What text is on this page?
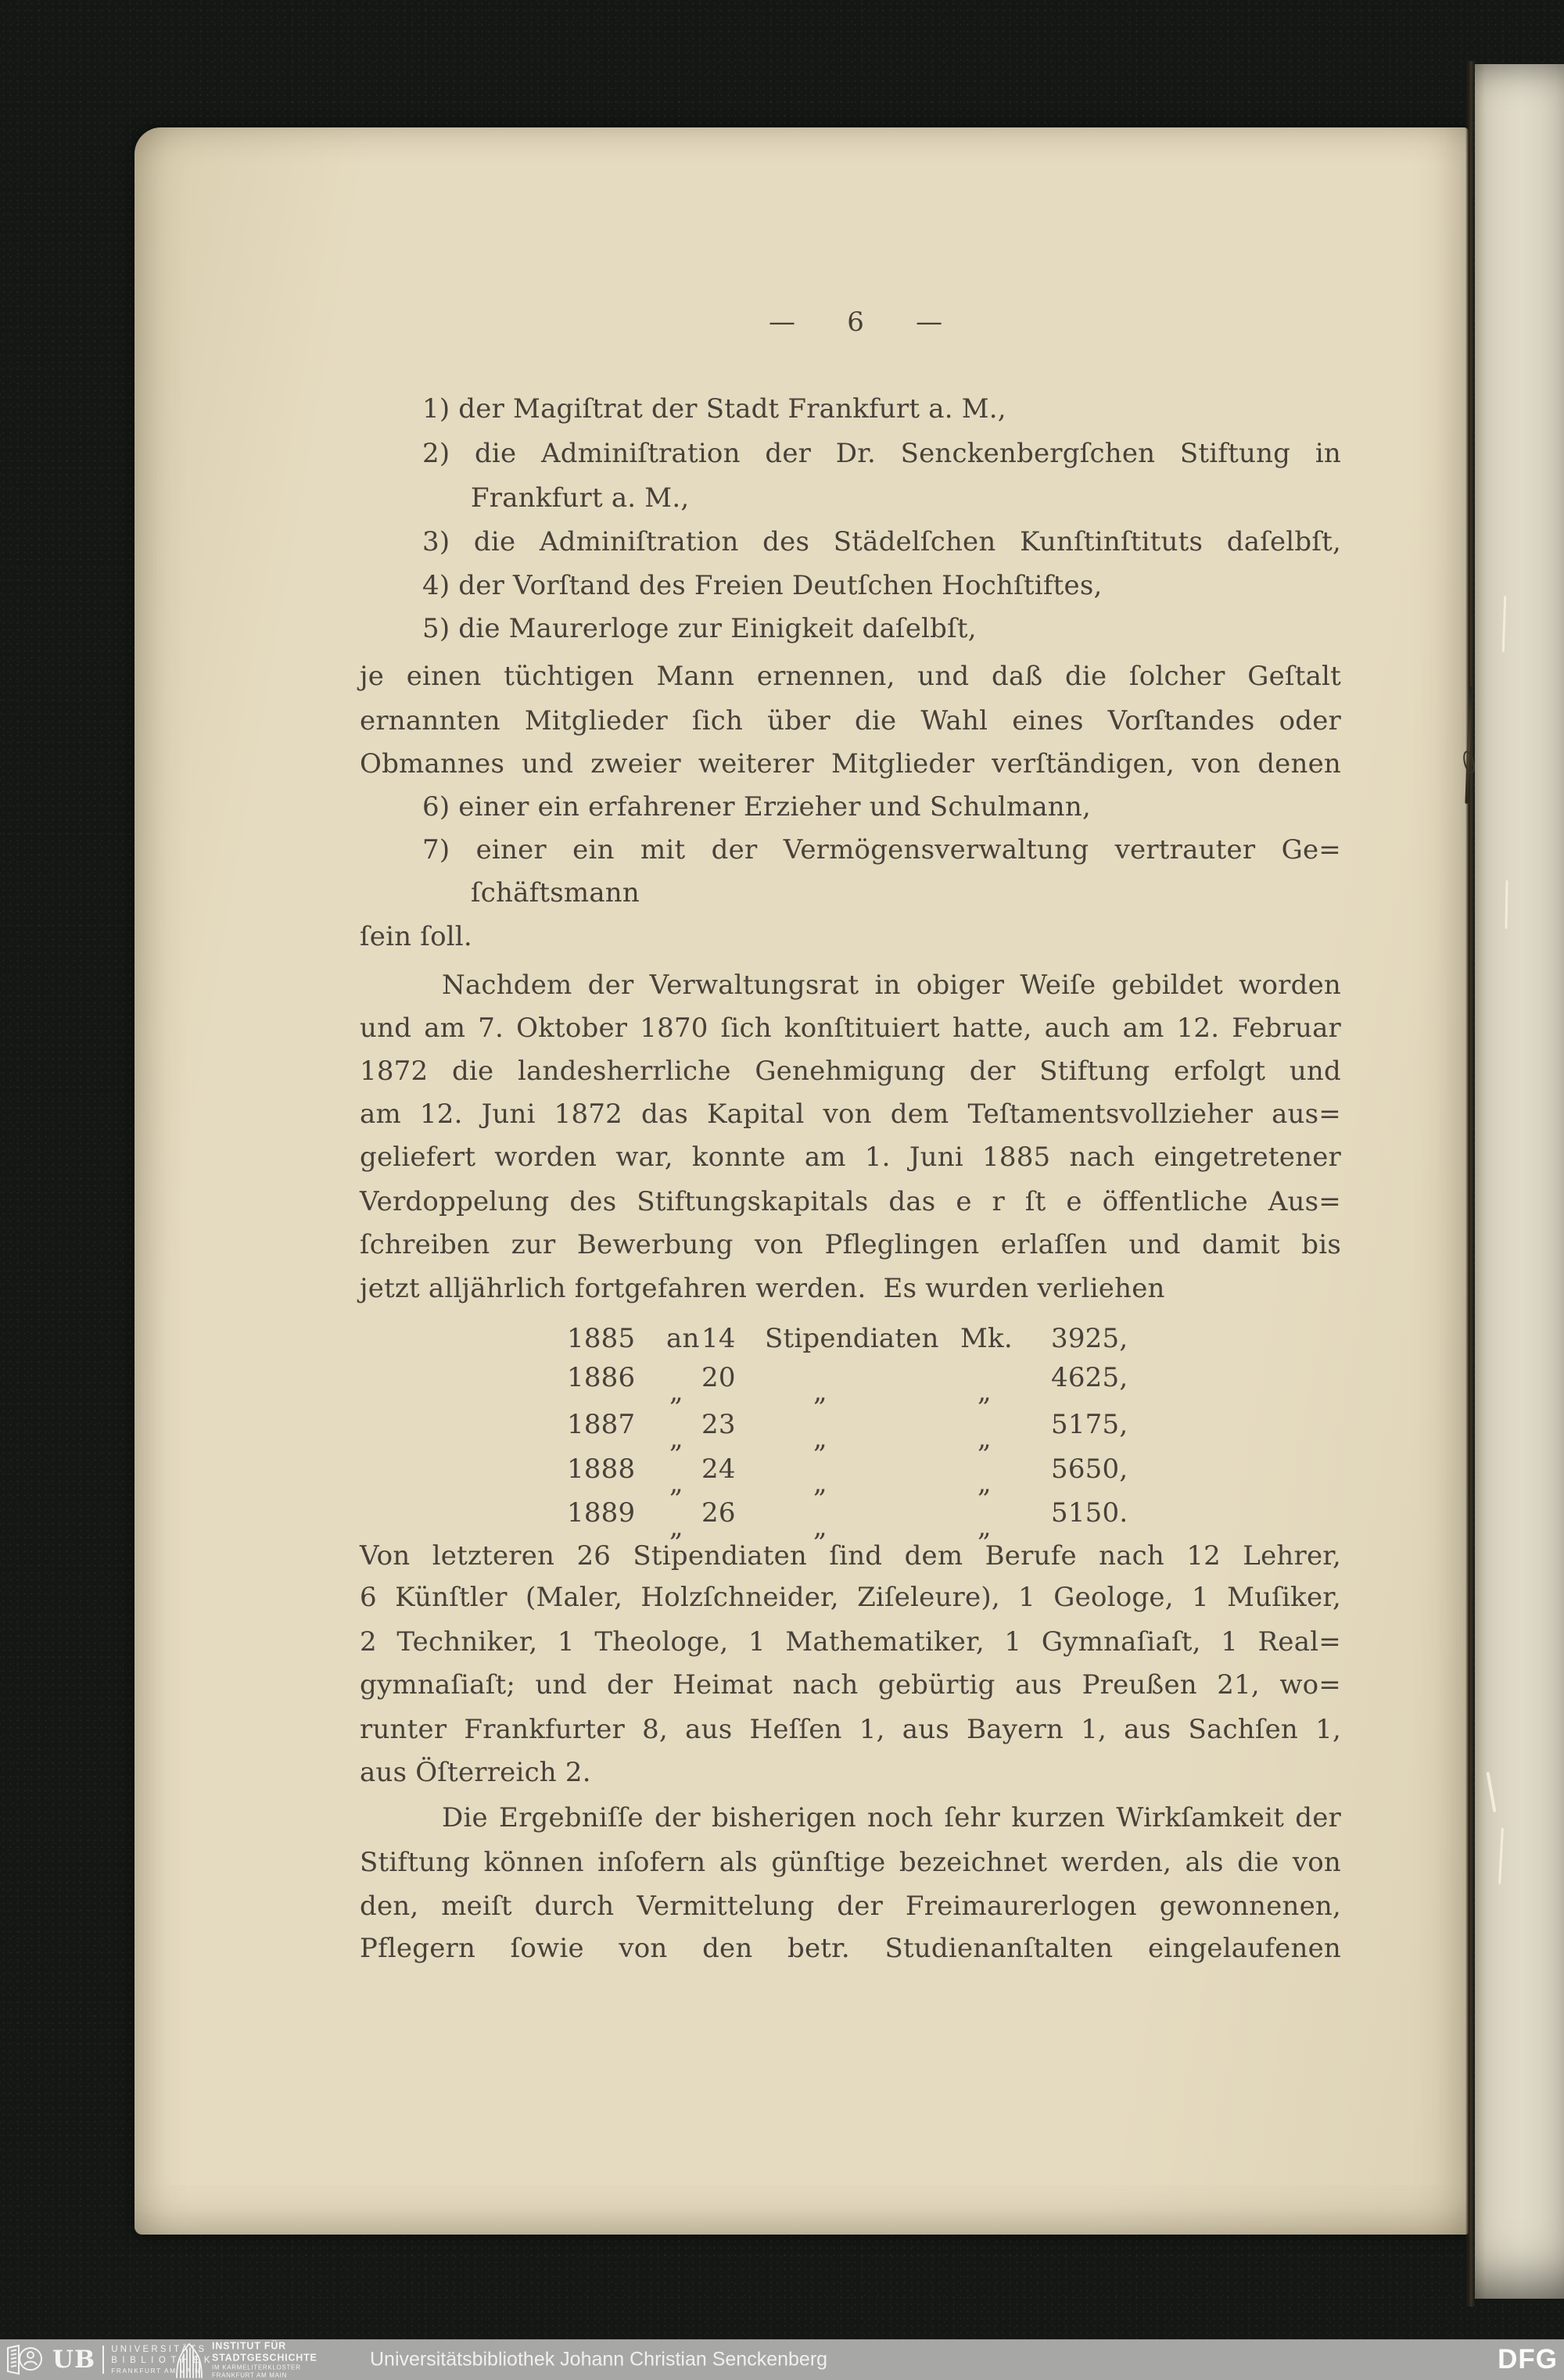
—      6      —
1) der Magiſtrat der Stadt Frankfurt a. M.,
2) die Adminiſtration der Dr. Senckenbergſchen Stiftung in
Frankfurt a. M.,
3) die Adminiſtration des Städelſchen Kunſtinſtituts daſelbſt,
4) der Vorſtand des Freien Deutſchen Hochſtiftes,
5) die Maurerloge zur Einigkeit daſelbſt,
je einen tüchtigen Mann ernennen, und daß die ſolcher Geſtalt
ernannten Mitglieder ſich über die Wahl eines Vorſtandes oder
Obmannes und zweier weiterer Mitglieder verſtändigen, von denen
6) einer ein erfahrener Erzieher und Schulmann,
7) einer ein mit der Vermögensverwaltung vertrauter Ge=
ſchäftsmann
ſein ſoll.
Nachdem der Verwaltungsrat in obiger Weiſe gebildet worden
und am 7. Oktober 1870 ſich konſtituiert hatte, auch am 12. Februar
1872 die landesherrliche Genehmigung der Stiftung erfolgt und
am 12. Juni 1872 das Kapital von dem Teſtamentsvollzieher aus=
geliefert worden war, konnte am 1. Juni 1885 nach eingetretener
Verdoppelung des Stiftungskapitals das e r ſt e öffentliche Aus=
ſchreiben zur Bewerbung von Pfleglingen erlaſſen und damit bis
jetzt alljährlich fortgefahren werden.  Es wurden verliehen
1885 an 14 Stipendiaten Mk. 3925,
1886 „ 20	„	„ 4625,
1887 „ 23	„	„ 5175,
1888 „ 24	„	„ 5650,
1889 „ 26	„	„ 5150.
Von letzteren 26 Stipendiaten ſind dem Berufe nach 12 Lehrer,
6 Künſtler (Maler, Holzſchneider, Ziſeleure), 1 Geologe, 1 Muſiker,
2 Techniker, 1 Theologe, 1 Mathematiker, 1 Gymnaſiaſt, 1 Real=
gymnaſiaſt; und der Heimat nach gebürtig aus Preußen 21, wo=
runter Frankfurter 8, aus Heſſen 1, aus Bayern 1, aus Sachſen 1,
aus Öſterreich 2.
Die Ergebniſſe der bisherigen noch ſehr kurzen Wirkſamkeit der
Stiftung können inſofern als günſtige bezeichnet werden, als die von
den, meiſt durch Vermittelung der Freimaurerlogen gewonnenen,
Pflegern ſowie von den betr. Studienanſtalten eingelaufenen
UB UNIVERSITÄTS
BIBLIOTHEK
FRANKFURT AM MAIN
INSTITUT FÜR
STADTGESCHICHTE
IM KARMELITERKLOSTER
FRANKFURT AM MAIN
Universitätsbibliothek Johann Christian Senckenberg	DFG
